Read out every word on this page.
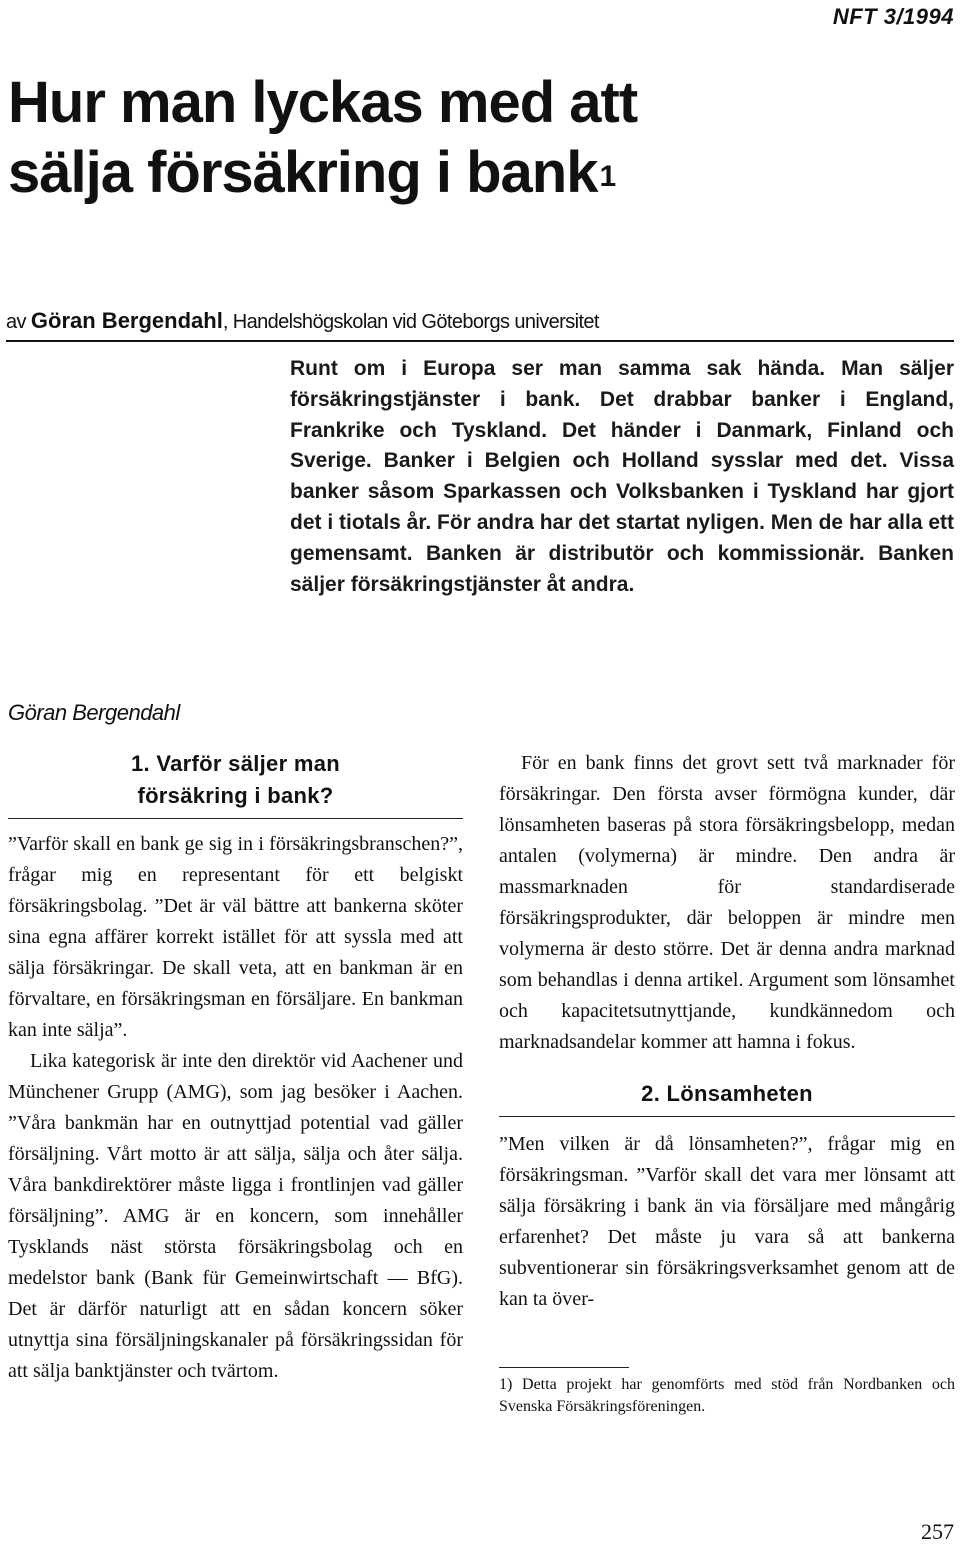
NFT 3/1994
Hur man lyckas med att
sälja försäkring i bank$^1$
av Göran Bergendahl, Handelshögskolan vid Göteborgs universitet

Runt om i Europa ser man samma sak hända. Man säljer försäkringstjänster i bank. Det drabbar banker i England, Frankrike och Tyskland. Det händer i Danmark, Finland och Sverige. Banker i Belgien och Holland sysslar med det. Vissa banker såsom Sparkassen och Volksbanken i Tyskland har gjort det i tiotals år. För andra har det startat nyligen. Men de har alla ett gemensamt. Banken är distributör och kommissionär. Banken säljer försäkringstjänster åt andra.

Göran Bergendahl
1. Varför säljer man
försäkring i bank?

”Varför skall en bank ge sig in i försäkringsbranschen?”, frågar mig en representant för ett belgiskt försäkringsbolag. ”Det är väl bättre att bankerna sköter sina egna affärer korrekt istället för att syssla med att sälja försäkringar. De skall veta, att en bankman är en förvaltare, en försäkringsman en försäljare. En bankman kan inte sälja”.

Lika kategorisk är inte den direktör vid Aachener und Münchener Grupp (AMG), som jag besöker i Aachen. ”Våra bankmän har en outnyttjad potential vad gäller försäljning. Vårt motto är att sälja, sälja och åter sälja. Våra bankdirektörer måste ligga i frontlinjen vad gäller försäljning”. AMG är en koncern, som innehåller Tysklands näst största försäkringsbolag och en medelstor bank (Bank für Gemeinwirtschaft — BfG). Det är därför naturligt att en sådan koncern söker utnyttja sina försäljningskanaler på försäkringssidan för att sälja banktjänster och tvärtom.

För en bank finns det grovt sett två marknader för försäkringar. Den första avser förmögna kunder, där lönsamheten baseras på stora försäkringsbelopp, medan antalen (volymerna) är mindre. Den andra är massmarknaden för standardiserade försäkringsprodukter, där beloppen är mindre men volymerna är desto större. Det är denna andra marknad som behandlas i denna artikel. Argument som lönsamhet och kapacitetsutnyttjande, kundkännedom och marknadsandelar kommer att hamna i fokus.

2. Lönsamheten

”Men vilken är då lönsamheten?”, frågar mig en försäkringsman. ”Varför skall det vara mer lönsamt att sälja försäkring i bank än via försäljare med mångårig erfarenhet? Det måste ju vara så att bankerna subventionerar sin försäkringsverksamhet genom att de kan ta över-

1) Detta projekt har genomförts med stöd från Nordbanken och Svenska Försäkringsföreningen.

257
